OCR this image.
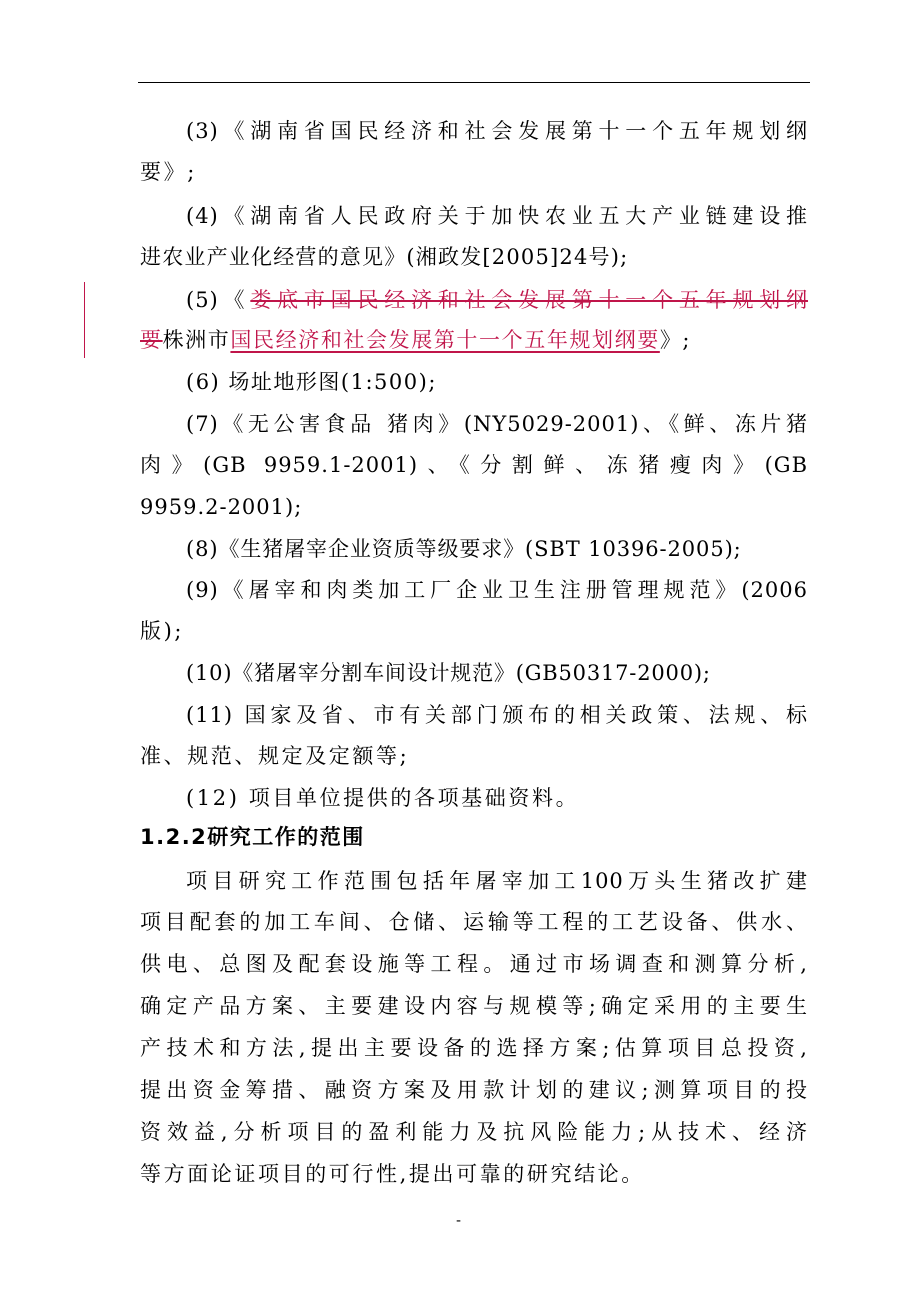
(3)《湖南省国民经济和社会发展第十一个五年规划纲
要》;
(4)《湖南省人民政府关于加快农业五大产业链建设推
进农业产业化经营的意见》(湘政发[2005]24号);
(5)《娄底市国民经济和社会发展第十一个五年规划纲
要株洲市国民经济和社会发展第十一个五年规划纲要》;
(6) 场址地形图(1:500);
(7)《无公害食品 猪肉》(NY5029-2001)、《鲜、冻片猪
肉》(GB 9959.1-2001)、《分割鲜、冻猪瘦肉》(GB
9959.2-2001);
(8)《生猪屠宰企业资质等级要求》(SBT 10396-2005);
(9)《屠宰和肉类加工厂企业卫生注册管理规范》(2006
版);
(10)《猪屠宰分割车间设计规范》(GB50317-2000);
(11) 国家及省、市有关部门颁布的相关政策、法规、标
准、规范、规定及定额等;
(12) 项目单位提供的各项基础资料。
1.2.2研究工作的范围
项目研究工作范围包括年屠宰加工100万头生猪改扩建
项目配套的加工车间、仓储、运输等工程的工艺设备、供水、
供电、总图及配套设施等工程。通过市场调查和测算分析,
确定产品方案、主要建设内容与规模等;确定采用的主要生
产技术和方法,提出主要设备的选择方案;估算项目总投资,
提出资金筹措、融资方案及用款计划的建议;测算项目的投
资效益,分析项目的盈利能力及抗风险能力;从技术、经济
等方面论证项目的可行性,提出可靠的研究结论。
-
